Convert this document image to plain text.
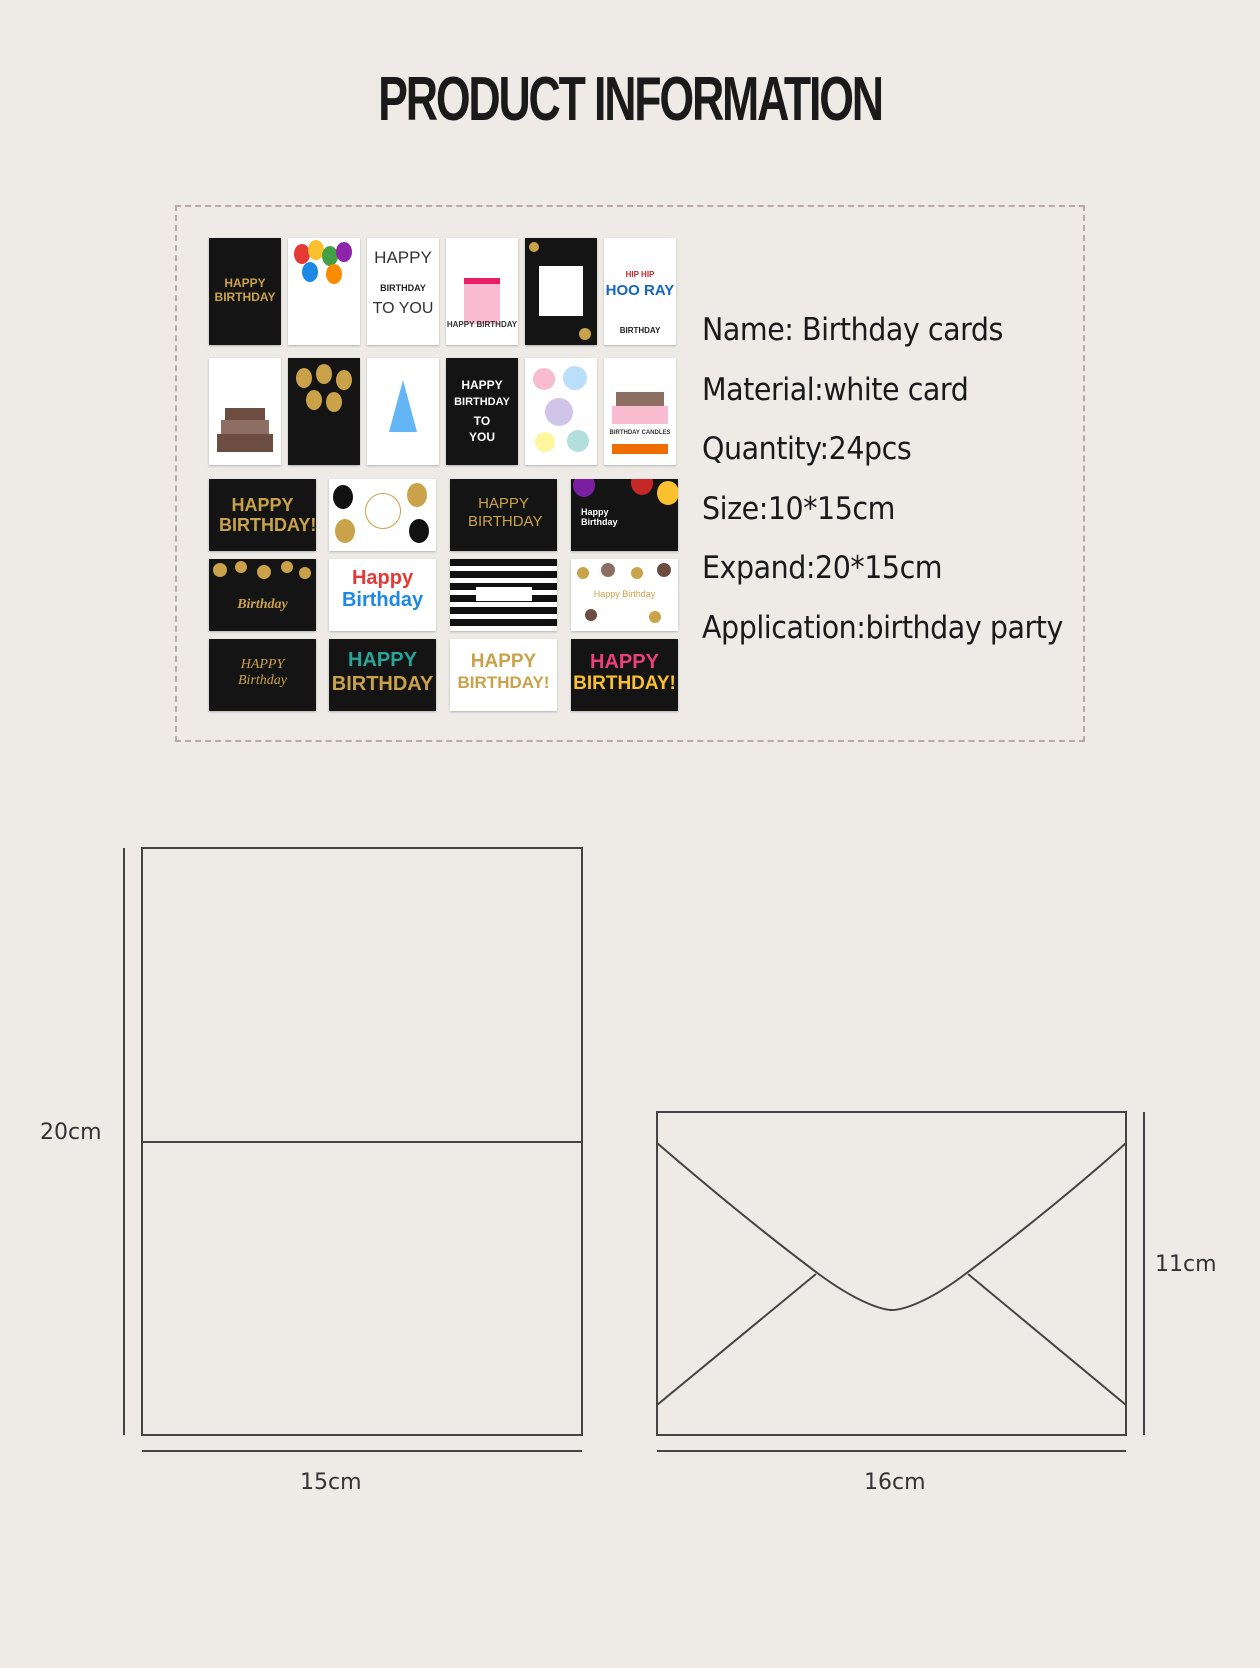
PRODUCT INFORMATION
HAPPY BIRTHDAY
HAPPY
BIRTHDAY
TO YOU
HAPPY BIRTHDAY
HIP HIP
HOO RAY
BIRTHDAY
HAPPY
BIRTHDAY
TO
YOU	BIRTHDAY CANDLES
HAPPY BIRTHDAY!
HAPPY BIRTHDAY
Happy Birthday
Birthday
Happy
Birthday	Happy Birthday
HAPPY Birthday
HAPPY
BIRTHDAY
HAPPY
BIRTHDAY!
HAPPY
BIRTHDAY!
Name: Birthday cards
Material:white card
Quantity:24pcs
Size:10*15cm
Expand:20*15cm
Application:birthday party
20cm
15cm
11cm
16cm
